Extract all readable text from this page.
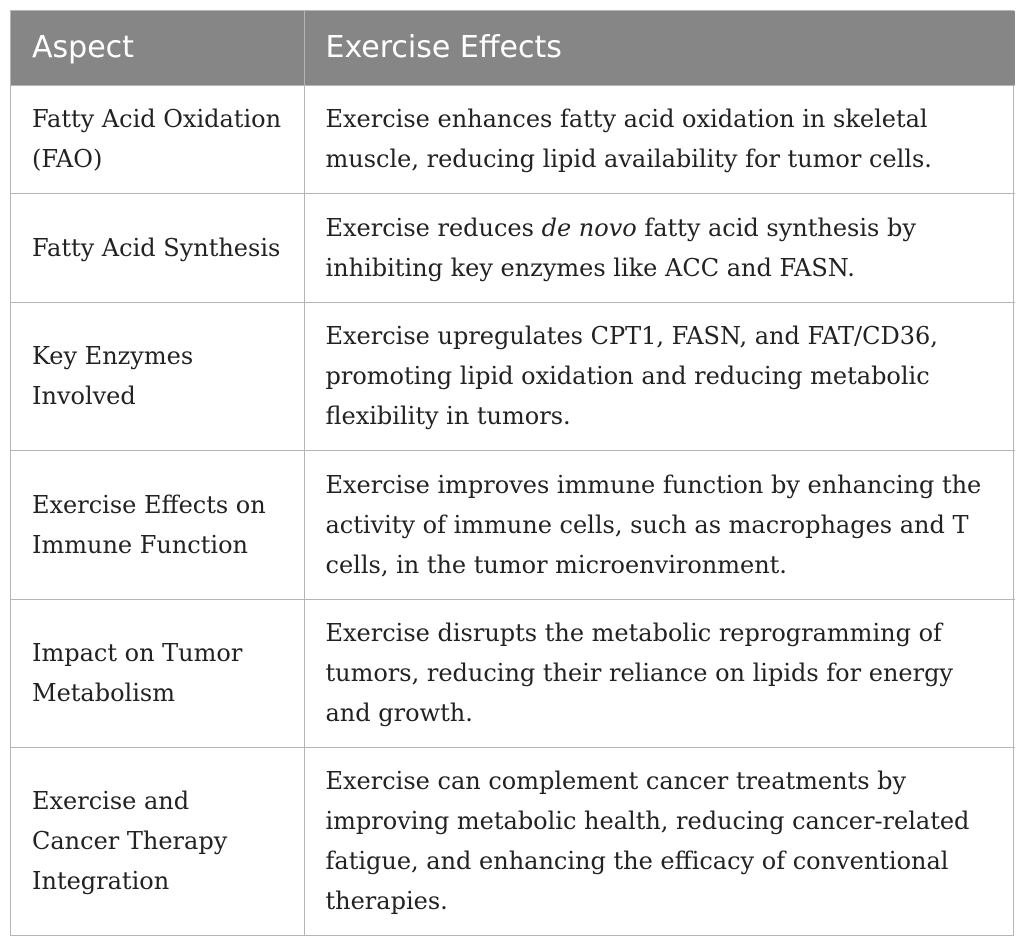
Aspect	Exercise Effects
Fatty Acid Oxidation (FAO)	Exercise enhances fatty acid oxidation in skeletal muscle, reducing lipid availability for tumor cells.
Fatty Acid Synthesis	Exercise reduces de novo fatty acid synthesis by inhibiting key enzymes like ACC and FASN.
Key Enzymes Involved	Exercise upregulates CPT1, FASN, and FAT/CD36, promoting lipid oxidation and reducing metabolic flexibility in tumors.
Exercise Effects on Immune Function	Exercise improves immune function by enhancing the activity of immune cells, such as macrophages and T cells, in the tumor microenvironment.
Impact on Tumor Metabolism	Exercise disrupts the metabolic reprogramming of tumors, reducing their reliance on lipids for energy and growth.
Exercise and Cancer Therapy Integration	Exercise can complement cancer treatments by improving metabolic health, reducing cancer-related fatigue, and enhancing the efficacy of conventional therapies.
